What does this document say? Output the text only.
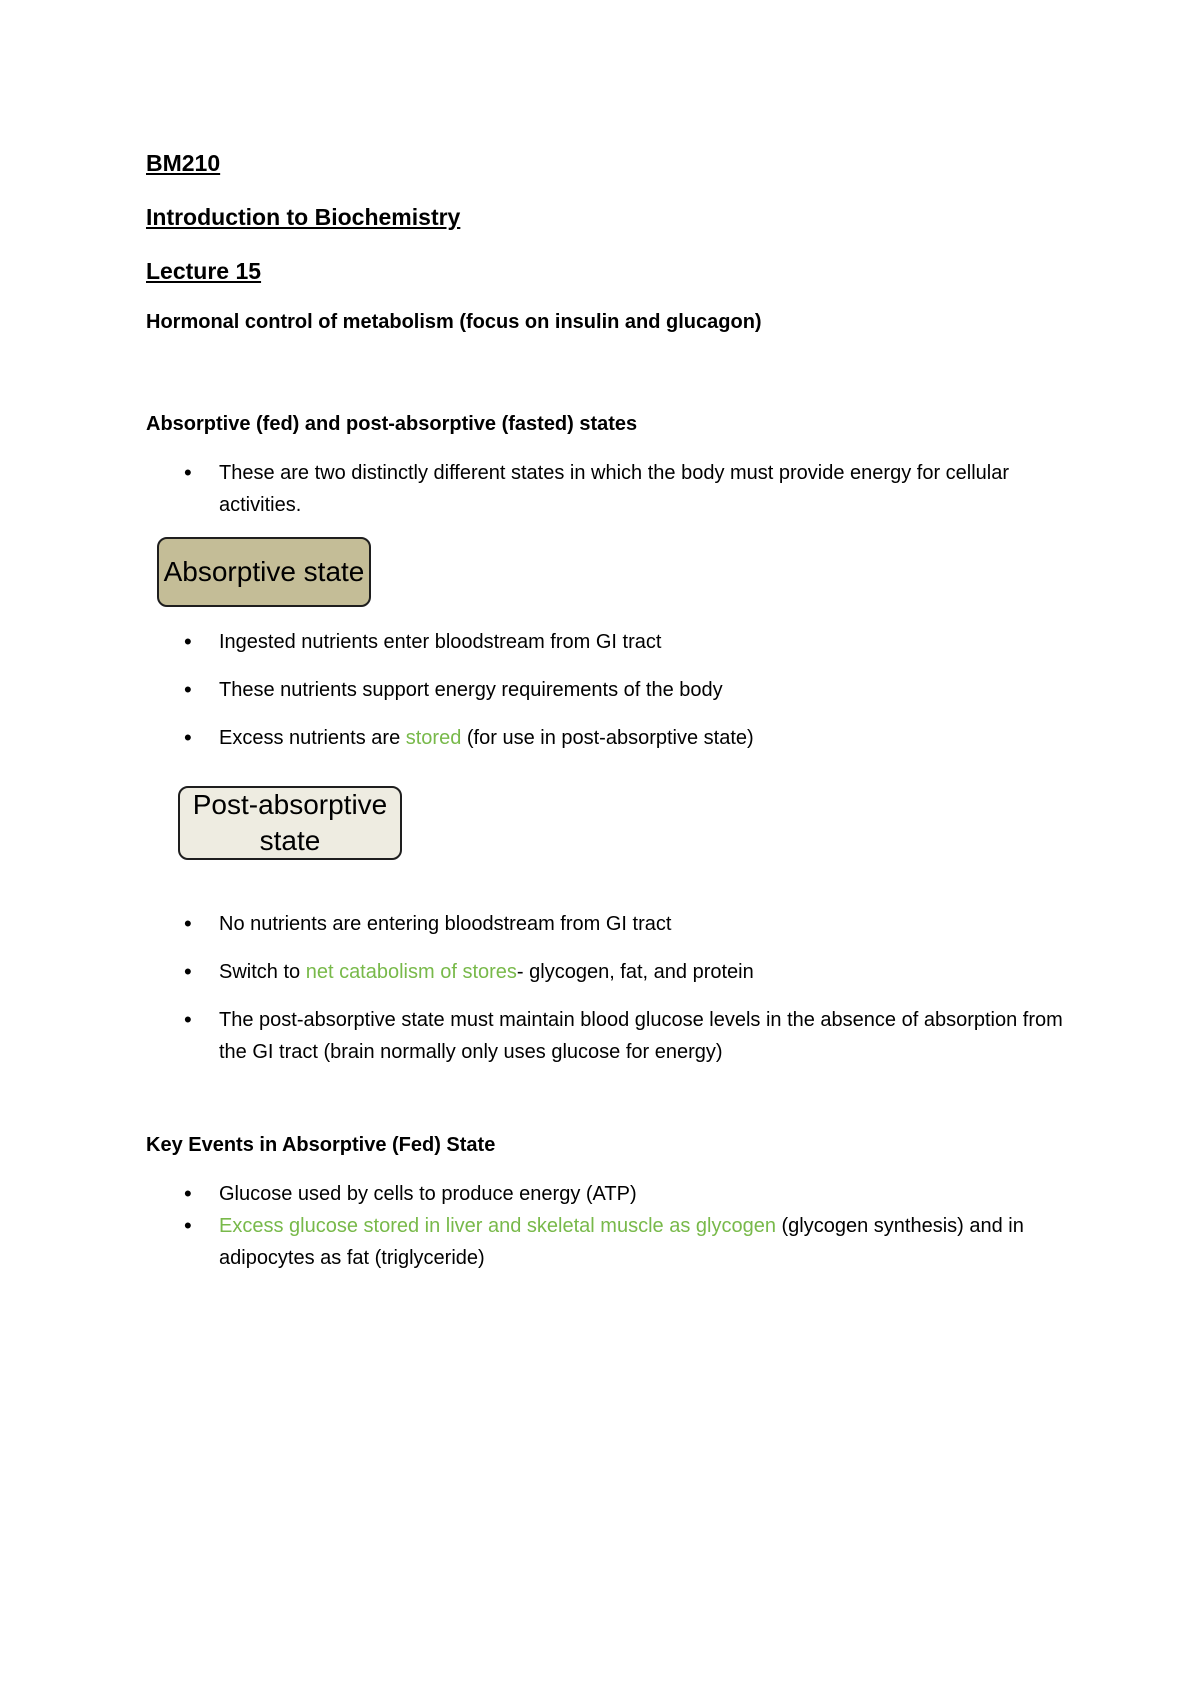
BM210
Introduction to Biochemistry
Lecture 15
Hormonal control of metabolism (focus on insulin and glucagon)
Absorptive (fed) and post-absorptive (fasted) states
•	These are two distinctly different states in which the body must provide energy for cellular activities.
Absorptive state
•	Ingested nutrients enter bloodstream from GI tract
•	These nutrients support energy requirements of the body
•	Excess nutrients are stored (for use in post-absorptive state)
Post-absorptive
state
•	No nutrients are entering bloodstream from GI tract
•	Switch to net catabolism of stores- glycogen, fat, and protein
•	The post-absorptive state must maintain blood glucose levels in the absence of absorption from the GI tract (brain normally only uses glucose for energy)
Key Events in Absorptive (Fed) State
•	Glucose used by cells to produce energy (ATP)
•	Excess glucose stored in liver and skeletal muscle as glycogen (glycogen synthesis) and in adipocytes as fat (triglyceride)
